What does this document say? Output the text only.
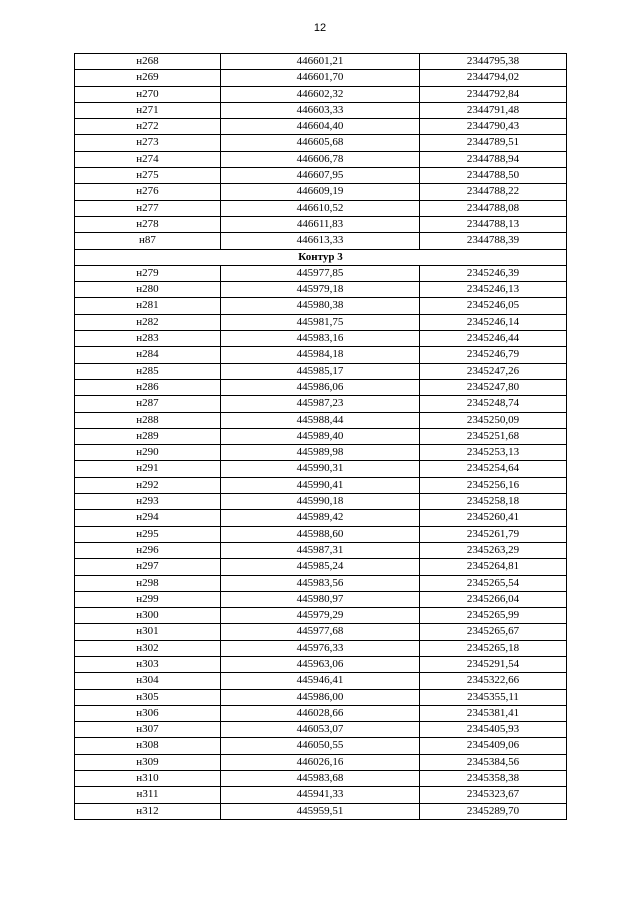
12
н268	446601,21	2344795,38
н269	446601,70	2344794,02
н270	446602,32	2344792,84
н271	446603,33	2344791,48
н272	446604,40	2344790,43
н273	446605,68	2344789,51
н274	446606,78	2344788,94
н275	446607,95	2344788,50
н276	446609,19	2344788,22
н277	446610,52	2344788,08
н278	446611,83	2344788,13
н87	446613,33	2344788,39
Контур 3		
н279	445977,85	2345246,39
н280	445979,18	2345246,13
н281	445980,38	2345246,05
н282	445981,75	2345246,14
н283	445983,16	2345246,44
н284	445984,18	2345246,79
н285	445985,17	2345247,26
н286	445986,06	2345247,80
н287	445987,23	2345248,74
н288	445988,44	2345250,09
н289	445989,40	2345251,68
н290	445989,98	2345253,13
н291	445990,31	2345254,64
н292	445990,41	2345256,16
н293	445990,18	2345258,18
н294	445989,42	2345260,41
н295	445988,60	2345261,79
н296	445987,31	2345263,29
н297	445985,24	2345264,81
н298	445983,56	2345265,54
н299	445980,97	2345266,04
н300	445979,29	2345265,99
н301	445977,68	2345265,67
н302	445976,33	2345265,18
н303	445963,06	2345291,54
н304	445946,41	2345322,66
н305	445986,00	2345355,11
н306	446028,66	2345381,41
н307	446053,07	2345405,93
н308	446050,55	2345409,06
н309	446026,16	2345384,56
н310	445983,68	2345358,38
н311	445941,33	2345323,67
н312	445959,51	2345289,70
